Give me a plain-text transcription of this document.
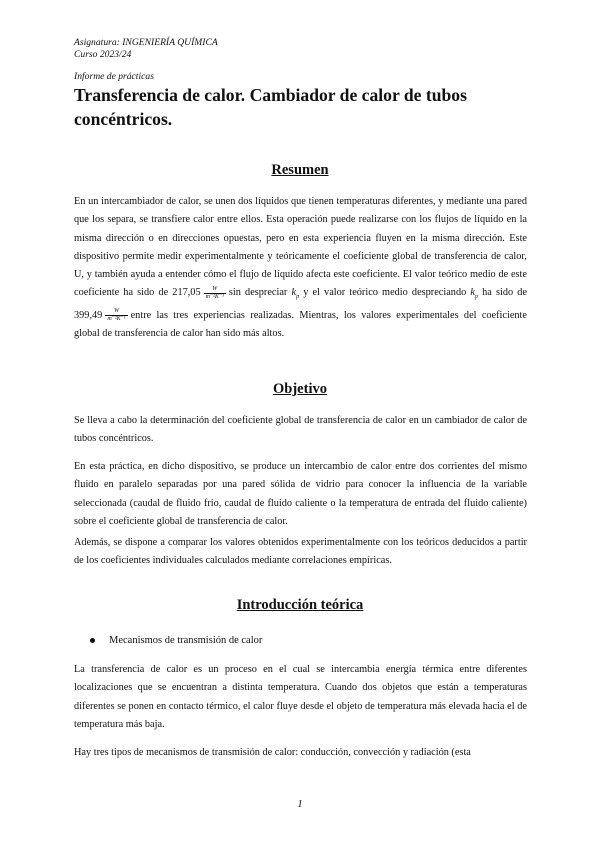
Asignatura: INGENIERÍA QUÍMICA
Curso 2023/24
Informe de prácticas
Transferencia de calor. Cambiador de calor de tubos concéntricos.
Resumen

En un intercambiador de calor, se unen dos líquidos que tienen temperaturas diferentes, y mediante una pared que los separa, se transfiere calor entre ellos. Esta operación puede realizarse con los flujos de líquido en la misma dirección o en direcciones opuestas, pero en esta experiencia fluyen en la misma dirección. Este dispositivo permite medir experimentalmente y teóricamente el coeficiente global de transferencia de calor, U, y también ayuda a entender cómo el flujo de líquido afecta este coeficiente. El valor teórico medio de este coeficiente ha sido de $217,05 \frac{W}{\text{m⁻²K⁻¹}}$ sin despreciar $k_p$ y el valor teórico medio despreciando $k_p$ ha sido de $399,49 \frac{W}{\text{m⁻²K⁻¹}}$ entre las tres experiencias realizadas. Mientras, los valores experimentales del coeficiente global de transferencia de calor han sido más altos.

Objetivo

Se lleva a cabo la determinación del coeficiente global de transferencia de calor en un cambiador de calor de tubos concéntricos.

En esta práctica, en dicho dispositivo, se produce un intercambio de calor entre dos corrientes del mismo fluido en paralelo separadas por una pared sólida de vidrio para conocer la influencia de la variable seleccionada (caudal de fluido frío, caudal de fluido caliente o la temperatura de entrada del fluido caliente) sobre el coeficiente global de transferencia de calor.

Además, se dispone a comparar los valores obtenidos experimentalmente con los teóricos deducidos a partir de los coeficientes individuales calculados mediante correlaciones empíricas.

Introducción teórica
Mecanismos de transmisión de calor

La transferencia de calor es un proceso en el cual se intercambia energía térmica entre diferentes localizaciones que se encuentran a distinta temperatura. Cuando dos objetos que están a temperaturas diferentes se ponen en contacto térmico, el calor fluye desde el objeto de temperatura más elevada hacia el de temperatura más baja.

Hay tres tipos de mecanismos de transmisión de calor: conducción, convección y radiación (esta

1
